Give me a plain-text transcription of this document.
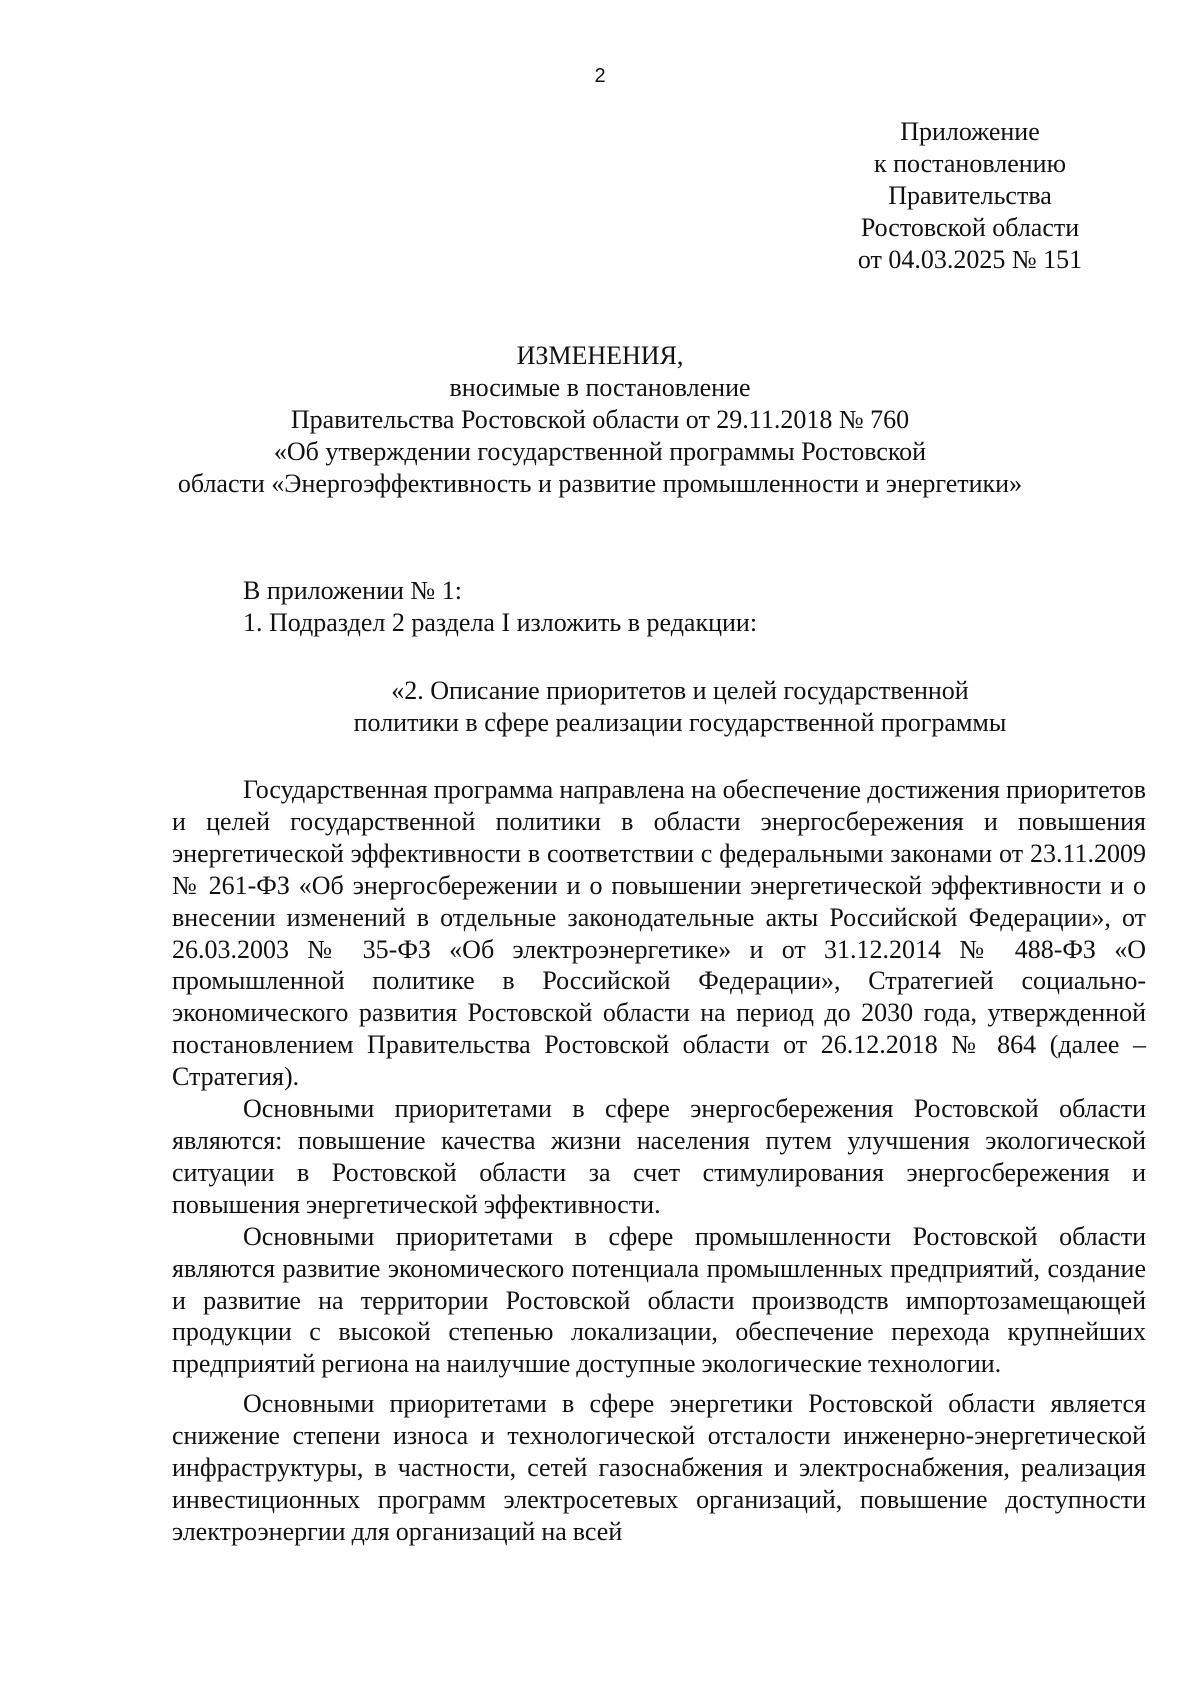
2
Приложение
к постановлению
Правительства
Ростовской области
от 04.03.2025 № 151
ИЗМЕНЕНИЯ,
вносимые в постановление
Правительства Ростовской области от 29.11.2018 № 760
«Об утверждении государственной программы Ростовской
области «Энергоэффективность и развитие промышленности и энергетики»
В приложении № 1:
1. Подраздел 2 раздела I изложить в редакции:
«2. Описание приоритетов и целей государственной
политики в сфере реализации государственной программы

Государственная программа направлена на обеспечение достижения приоритетов и целей государственной политики в области энергосбережения и повышения энергетической эффективности в соответствии с федеральными законами от 23.11.2009 № 261-ФЗ «Об энергосбережении и о повышении энергетической эффективности и о внесении изменений в отдельные законодательные акты Российской Федерации», от 26.03.2003 № 35-ФЗ «Об электроэнергетике» и от 31.12.2014 № 488-ФЗ «О промышленной политике в Российской Федерации», Стратегией социально-экономического развития Ростовской области на период до 2030 года, утвержденной постановлением Правительства Ростовской области от 26.12.2018 № 864 (далее – Стратегия).

Основными приоритетами в сфере энергосбережения Ростовской области являются: повышение качества жизни населения путем улучшения экологической ситуации в Ростовской области за счет стимулирования энергосбережения и повышения энергетической эффективности.

Основными приоритетами в сфере промышленности Ростовской области являются развитие экономического потенциала промышленных предприятий, создание и развитие на территории Ростовской области производств импортозамещающей продукции с высокой степенью локализации, обеспечение перехода крупнейших предприятий региона на наилучшие доступные экологические технологии.

Основными приоритетами в сфере энергетики Ростовской области является снижение степени износа и технологической отсталости инженерно-энергетической инфраструктуры, в частности, сетей газоснабжения и электроснабжения, реализация инвестиционных программ электросетевых организаций, повышение доступности электроэнергии для организаций на всей
